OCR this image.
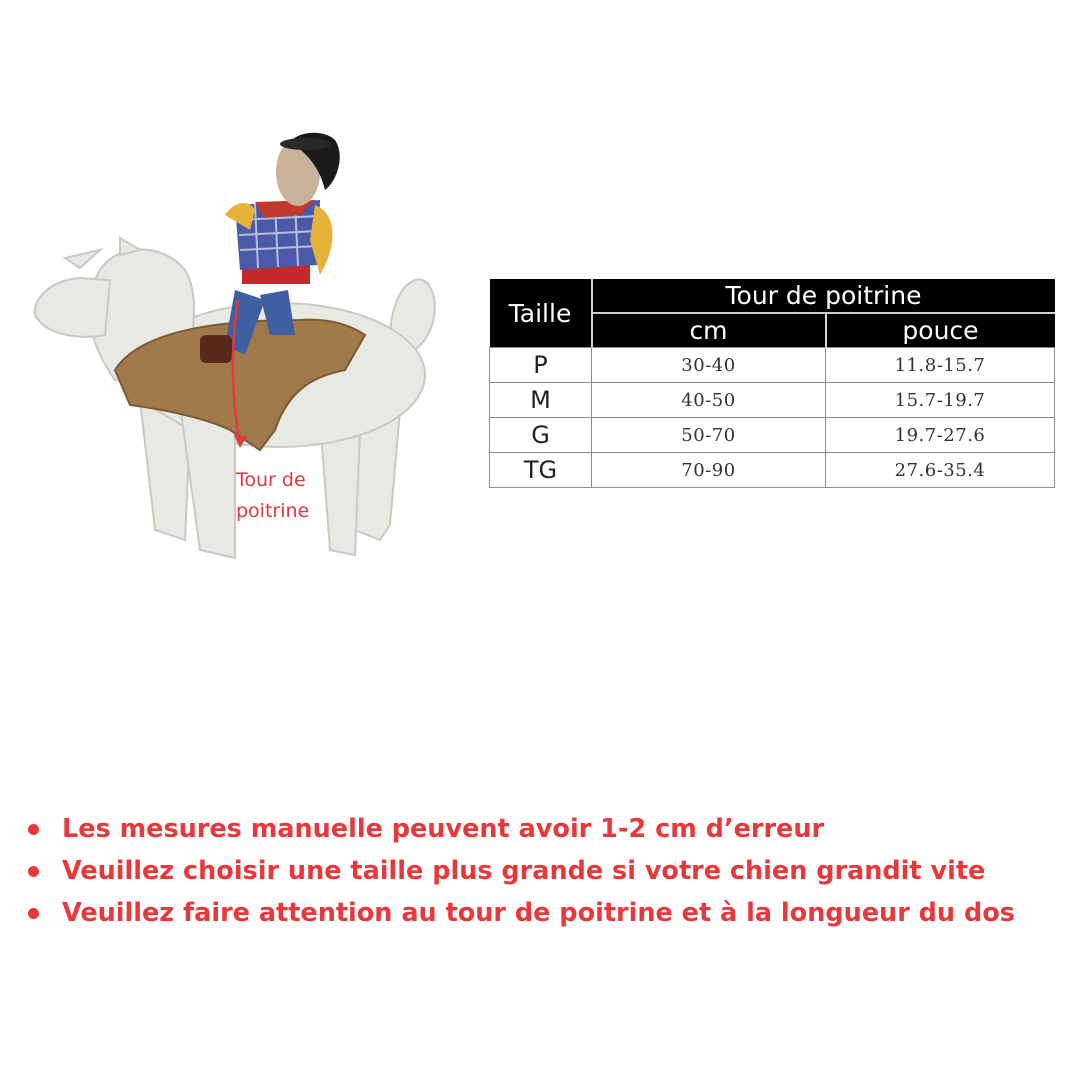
Tour de poitrine
Taille	Tour de poitrine	
	cm	pouce
P	30-40	11.8-15.7
M	40-50	15.7-19.7
G	50-70	19.7-27.6
TG	70-90	27.6-35.4
Les mesures manuelle peuvent avoir 1-2 cm d’erreur
Veuillez choisir une taille plus grande si votre chien grandit vite
Veuillez faire attention au tour de poitrine et à la longueur du dos
